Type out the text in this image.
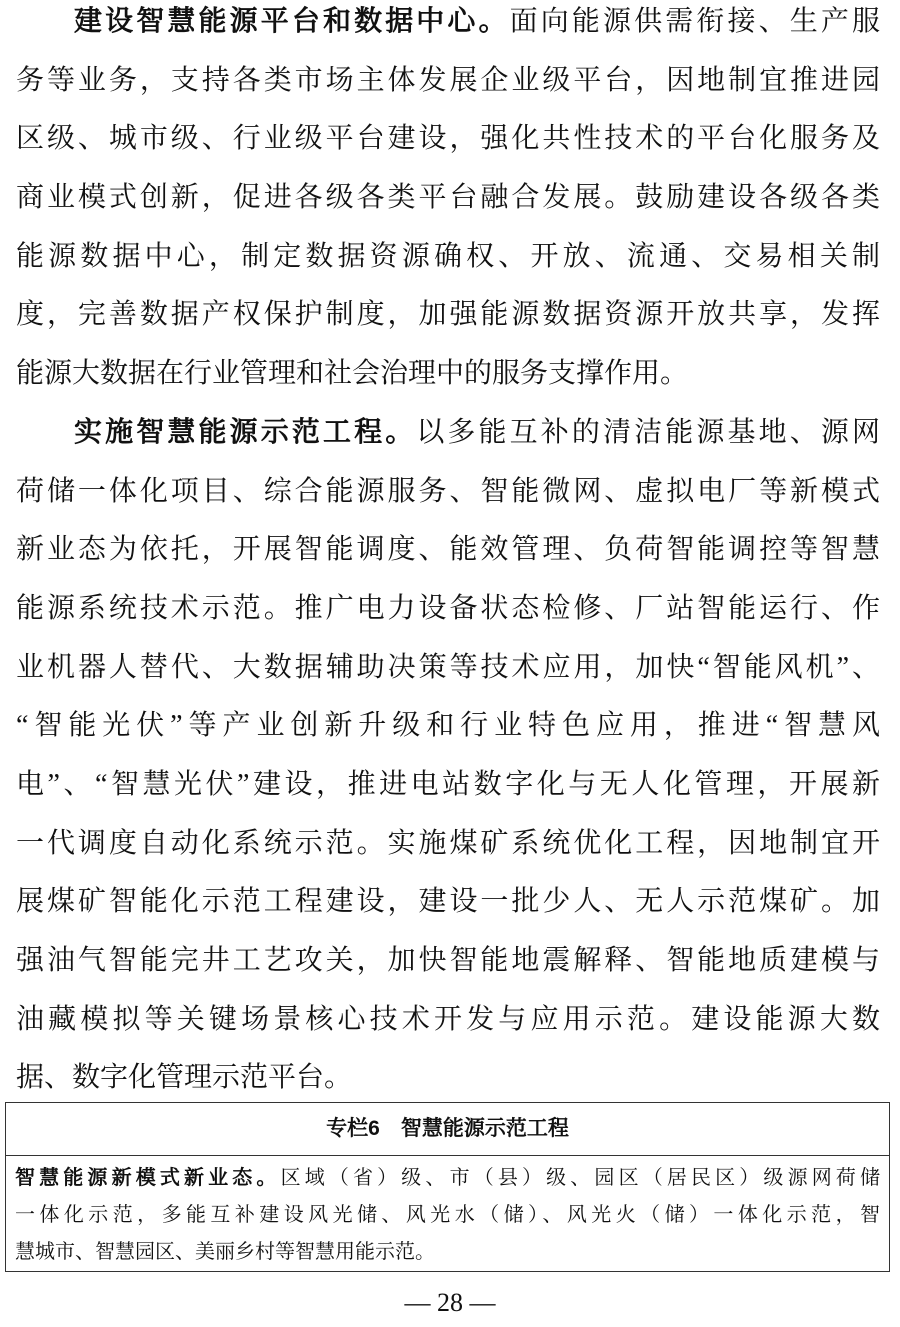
建设智慧能源平台和数据中心。面向能源供需衔接、生产服
务等业务，支持各类市场主体发展企业级平台，因地制宜推进园
区级、城市级、行业级平台建设，强化共性技术的平台化服务及
商业模式创新，促进各级各类平台融合发展。鼓励建设各级各类
能源数据中心，制定数据资源确权、开放、流通、交易相关制
度，完善数据产权保护制度，加强能源数据资源开放共享，发挥
能源大数据在行业管理和社会治理中的服务支撑作用。
实施智慧能源示范工程。以多能互补的清洁能源基地、源网
荷储一体化项目、综合能源服务、智能微网、虚拟电厂等新模式
新业态为依托，开展智能调度、能效管理、负荷智能调控等智慧
能源系统技术示范。推广电力设备状态检修、厂站智能运行、作
业机器人替代、大数据辅助决策等技术应用，加快“智能风机”、
“智能光伏”等产业创新升级和行业特色应用，推进“智慧风
电”、“智慧光伏”建设，推进电站数字化与无人化管理，开展新
一代调度自动化系统示范。实施煤矿系统优化工程，因地制宜开
展煤矿智能化示范工程建设，建设一批少人、无人示范煤矿。加
强油气智能完井工艺攻关，加快智能地震解释、智能地质建模与
油藏模拟等关键场景核心技术开发与应用示范。建设能源大数
据、数字化管理示范平台。
专栏6　智慧能源示范工程
智慧能源新模式新业态。区域（省）级、市（县）级、园区（居民区）级源网荷储
一体化示范，多能互补建设风光储、风光水（储）、风光火（储）一体化示范，智
慧城市、智慧园区、美丽乡村等智慧用能示范。
— 28 —
